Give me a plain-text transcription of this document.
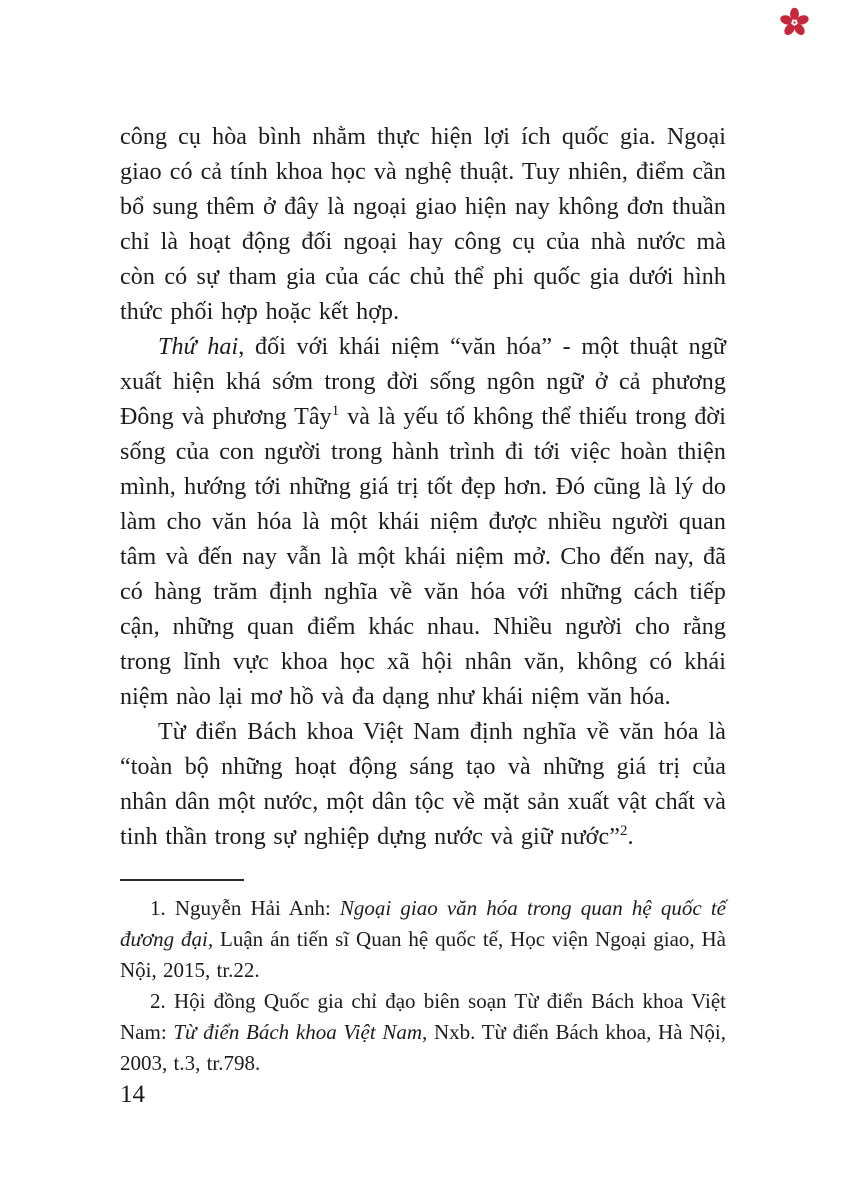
công cụ hòa bình nhằm thực hiện lợi ích quốc gia. Ngoại giao có cả tính khoa học và nghệ thuật. Tuy nhiên, điểm cần bổ sung thêm ở đây là ngoại giao hiện nay không đơn thuần chỉ là hoạt động đối ngoại hay công cụ của nhà nước mà còn có sự tham gia của các chủ thể phi quốc gia dưới hình thức phối hợp hoặc kết hợp.

Thứ hai, đối với khái niệm “văn hóa” - một thuật ngữ xuất hiện khá sớm trong đời sống ngôn ngữ ở cả phương Đông và phương Tây$^1$ và là yếu tố không thể thiếu trong đời sống của con người trong hành trình đi tới việc hoàn thiện mình, hướng tới những giá trị tốt đẹp hơn. Đó cũng là lý do làm cho văn hóa là một khái niệm được nhiều người quan tâm và đến nay vẫn là một khái niệm mở. Cho đến nay, đã có hàng trăm định nghĩa về văn hóa với những cách tiếp cận, những quan điểm khác nhau. Nhiều người cho rằng trong lĩnh vực khoa học xã hội nhân văn, không có khái niệm nào lại mơ hồ và đa dạng như khái niệm văn hóa.

Từ điển Bách khoa Việt Nam định nghĩa về văn hóa là “toàn bộ những hoạt động sáng tạo và những giá trị của nhân dân một nước, một dân tộc về mặt sản xuất vật chất và tinh thần trong sự nghiệp dựng nước và giữ nước”$^2$.

1. Nguyễn Hải Anh: Ngoại giao văn hóa trong quan hệ quốc tế đương đại, Luận án tiến sĩ Quan hệ quốc tế, Học viện Ngoại giao, Hà Nội, 2015, tr.22.

2. Hội đồng Quốc gia chỉ đạo biên soạn Từ điển Bách khoa Việt Nam: Từ điển Bách khoa Việt Nam, Nxb. Từ điển Bách khoa, Hà Nội, 2003, t.3, tr.798.

14
